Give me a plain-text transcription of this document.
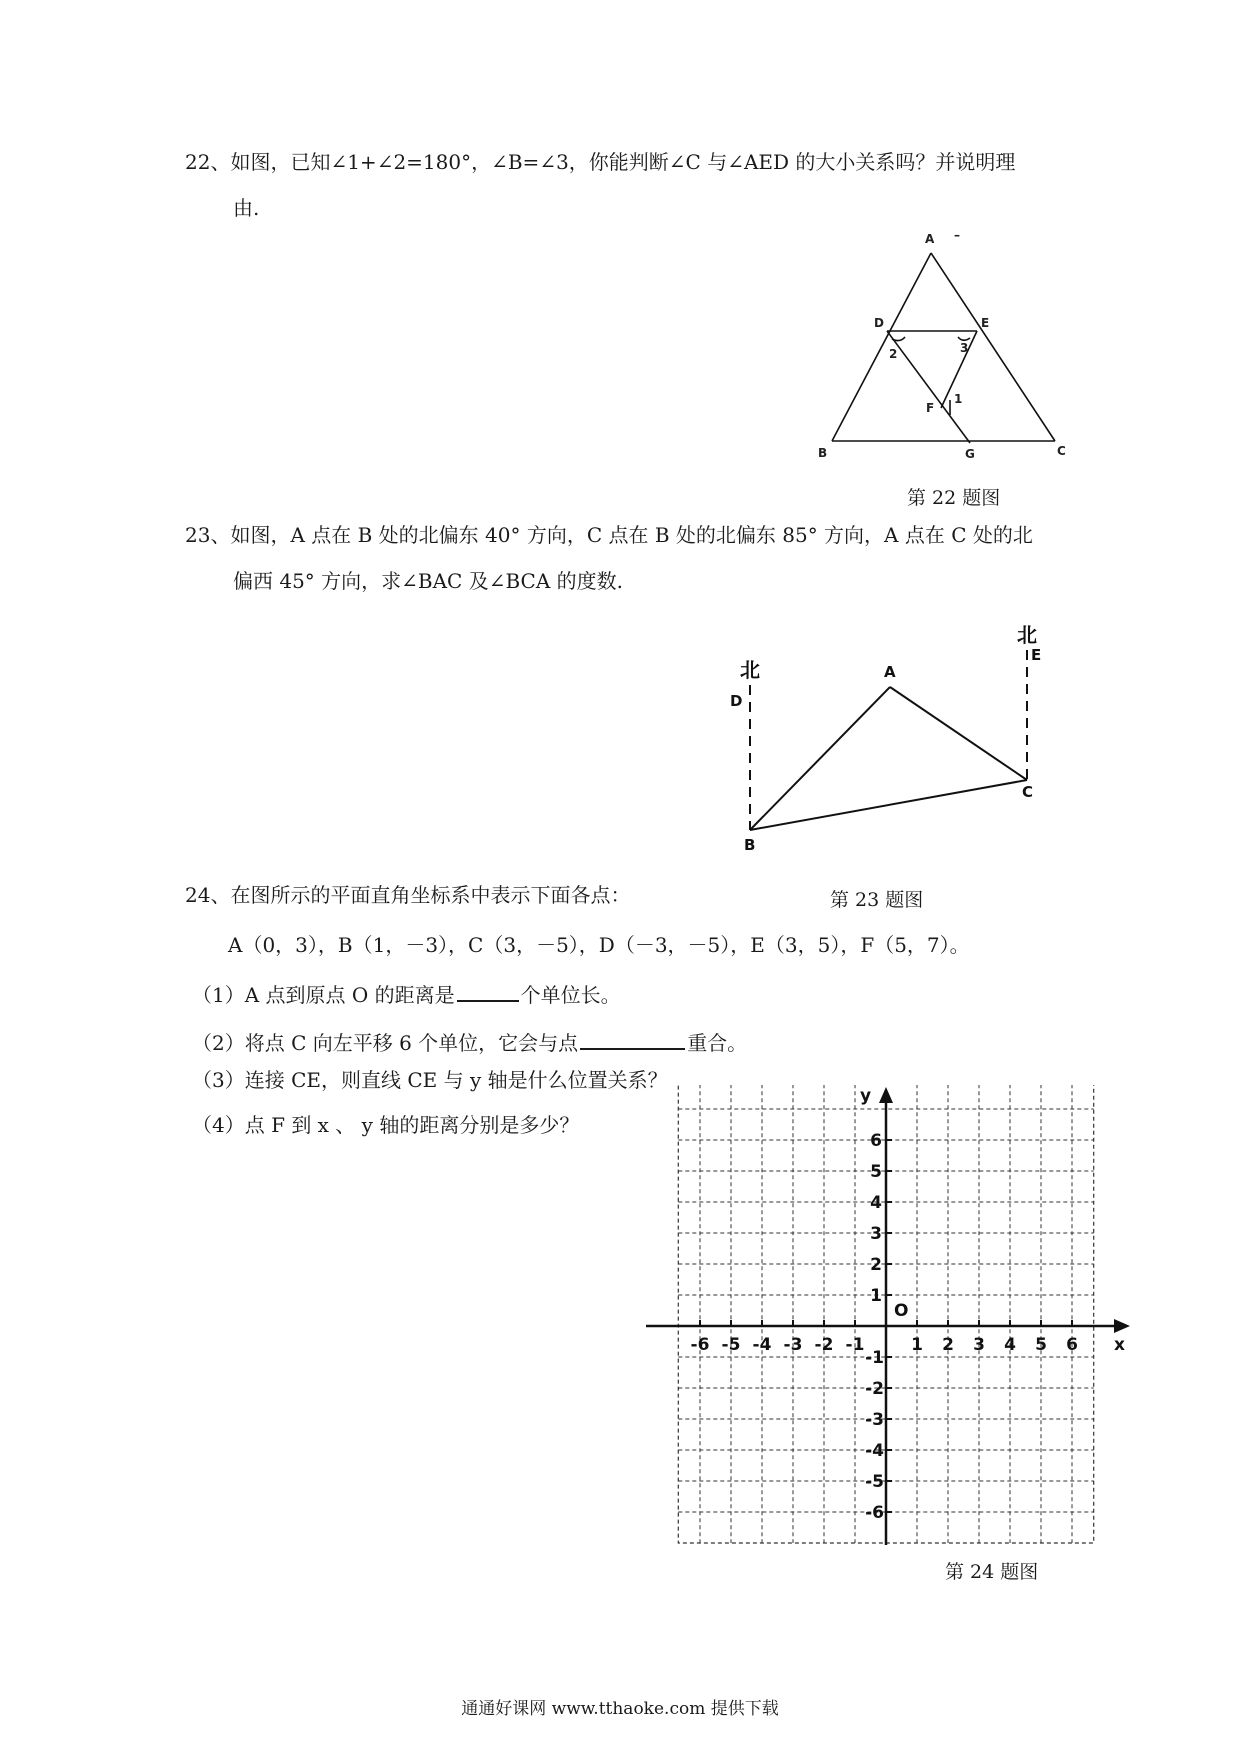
22、如图，已知∠1+∠2=180°，∠B=∠3，你能判断∠C 与∠AED 的大小关系吗？并说明理
由.
A –
D	E
2	3
1
F
B	G	C
第 22 题图
23、如图，A 点在 B 处的北偏东 40° 方向，C 点在 B 处的北偏东 85° 方向，A 点在 C 处的北
偏西 45° 方向，求∠BAC 及∠BCA 的度数.
北
北
D
E
A
C
B
24、在图所示的平面直角坐标系中表示下面各点：	第 23 题图
A（0，3），B（1，－3），C（3，－5），D（－3，－5），E（3，5），F（5，7）。
（1）A 点到原点 O 的距离是	个单位长。
（2）将点 C 向左平移 6 个单位，它会与点	重合。
（3）连接 CE，则直线 CE 与 y 轴是什么位置关系？
（4）点 F 到 x 、 y 轴的距离分别是多少？
-6 -5 -4 -3 -2 -1	1 2 3 4 5 6
1
2
3
4
5
6
-1
-2
-3
-4
-5
-6
O
x
y
第 24 题图
通通好课网 www.tthaoke.com 提供下载
